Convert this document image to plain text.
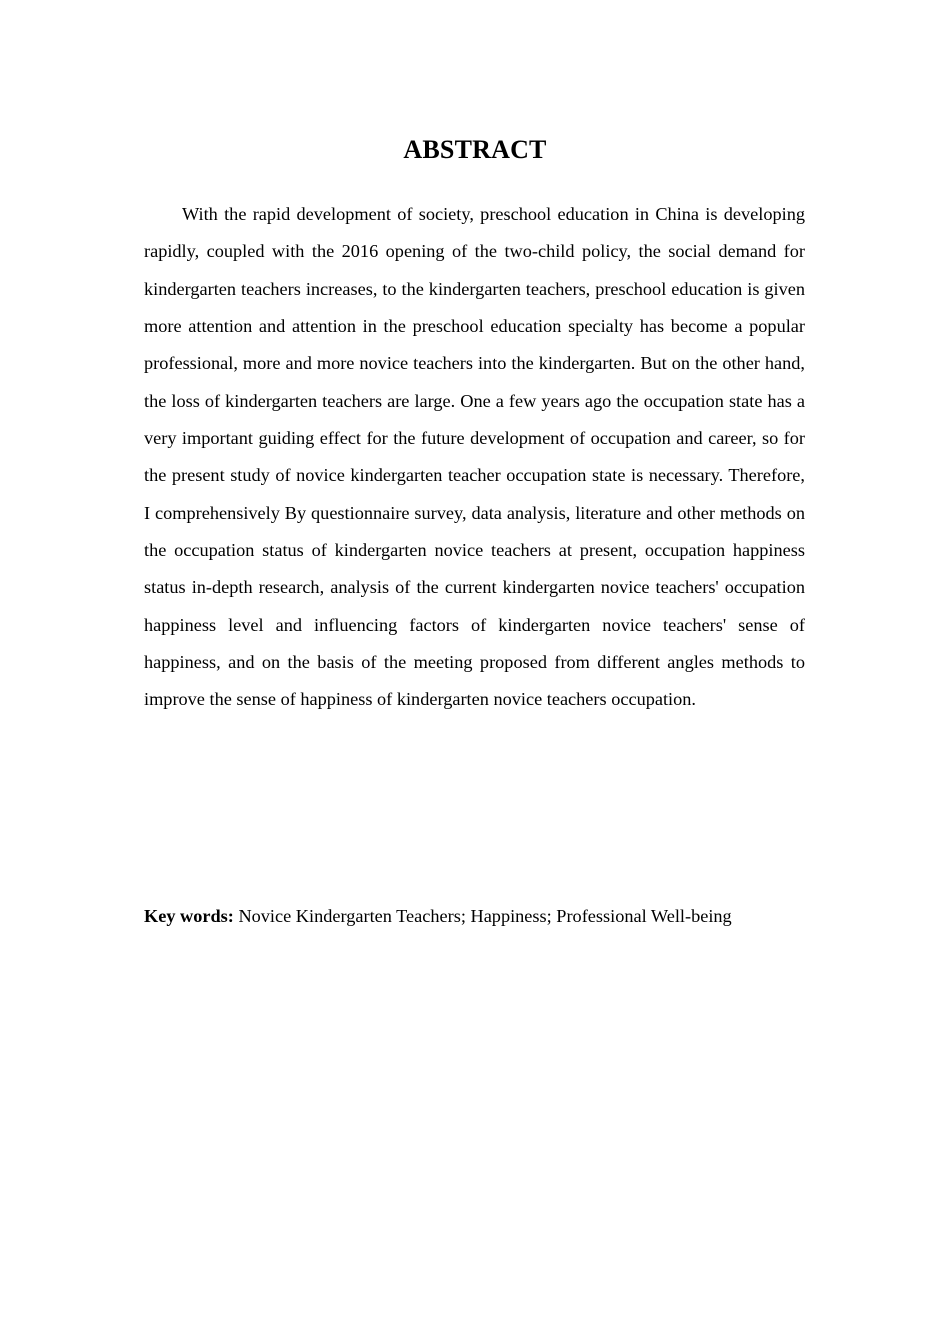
ABSTRACT

With the rapid development of society, preschool education in China is developing rapidly, coupled with the 2016 opening of the two-child policy, the social demand for kindergarten teachers increases, to the kindergarten teachers, preschool education is given more attention and attention in the preschool education specialty has become a popular professional, more and more novice teachers into the kindergarten. But on the other hand, the loss of kindergarten teachers are large. One a few years ago the occupation state has a very important guiding effect for the future development of occupation and career, so for the present study of novice kindergarten teacher occupation state is necessary. Therefore, I comprehensively By questionnaire survey, data analysis, literature and other methods on the occupation status of kindergarten novice teachers at present, occupation happiness status in-depth research, analysis of the current kindergarten novice teachers' occupation happiness level and influencing factors of kindergarten novice teachers' sense of happiness, and on the basis of the meeting proposed from different angles methods to improve the sense of happiness of kindergarten novice teachers occupation.

Key words: Novice Kindergarten Teachers; Happiness; Professional Well-being
